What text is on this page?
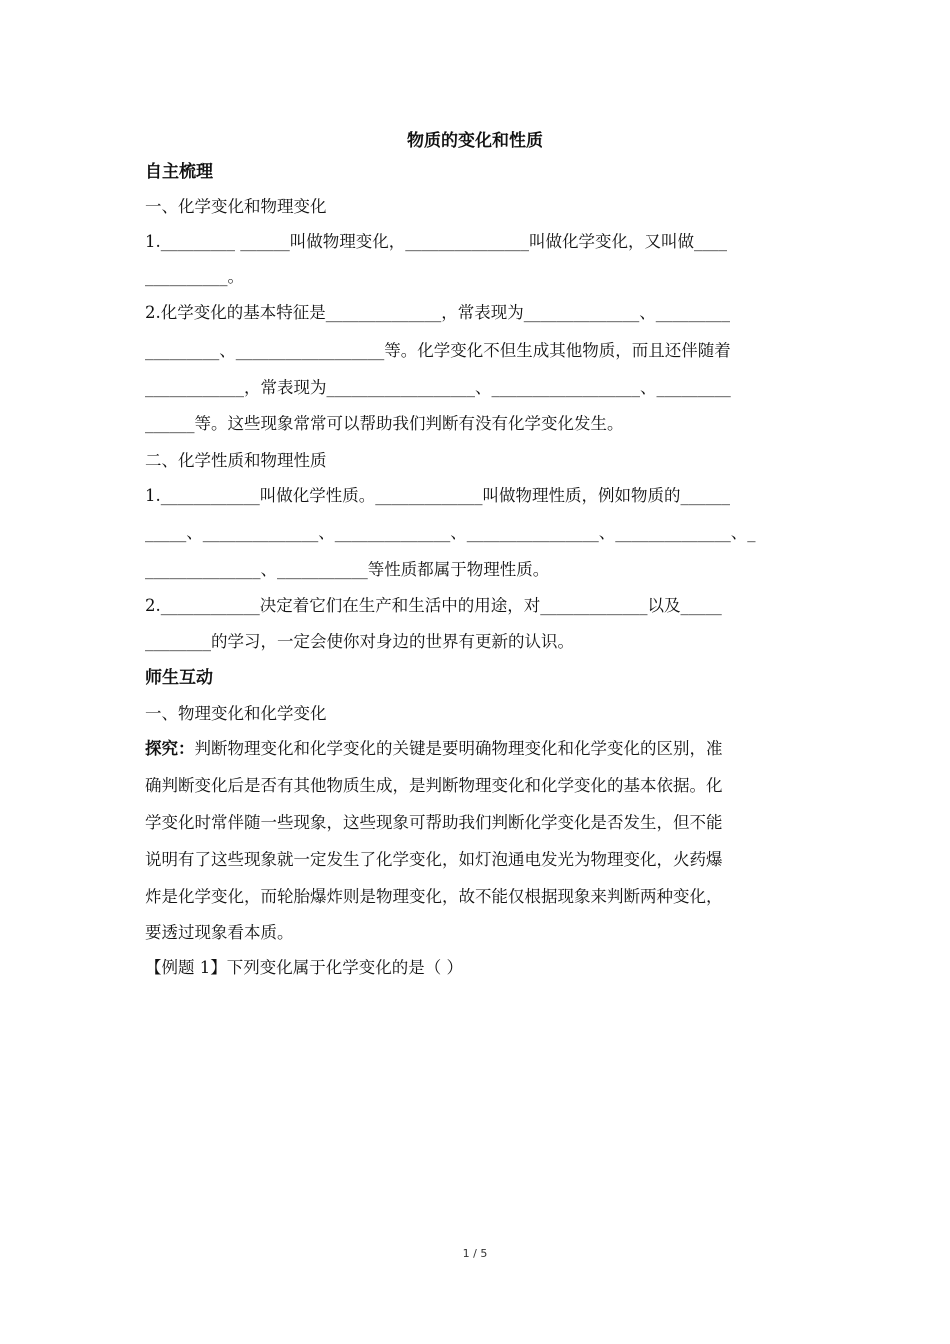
物质的变化和性质
自主梳理
一、化学变化和物理变化
1._________ ______叫做物理变化，_______________叫做化学变化，又叫做____
__________。
2.化学变化的基本特征是______________，常表现为______________、_________
_________、__________________等。化学变化不但生成其他物质，而且还伴随着
____________，常表现为__________________、__________________、_________
______等。这些现象常常可以帮助我们判断有没有化学变化发生。
二、化学性质和物理性质
1.____________叫做化学性质。_____________叫做物理性质，例如物质的______
_____、______________、______________、________________、______________、_
______________、___________等性质都属于物理性质。
2.____________决定着它们在生产和生活中的用途，对_____________以及_____
________的学习，一定会使你对身边的世界有更新的认识。
师生互动
一、物理变化和化学变化
探究：判断物理变化和化学变化的关键是要明确物理变化和化学变化的区别，准
确判断变化后是否有其他物质生成，是判断物理变化和化学变化的基本依据。化
学变化时常伴随一些现象，这些现象可帮助我们判断化学变化是否发生，但不能
说明有了这些现象就一定发生了化学变化，如灯泡通电发光为物理变化，火药爆
炸是化学变化，而轮胎爆炸则是物理变化，故不能仅根据现象来判断两种变化，
要透过现象看本质。
【例题 1】下列变化属于化学变化的是（ ）
1 / 5
